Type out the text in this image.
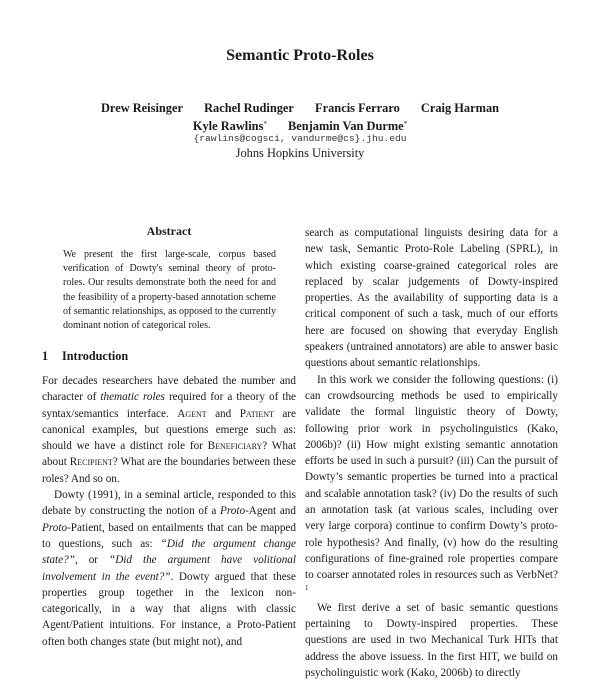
Semantic Proto-Roles
Drew Reisinger Rachel Rudinger Francis Ferraro Craig Harman
Kyle Rawlins* Benjamin Van Durme*
{rawlins@cogsci, vandurme@cs}.jhu.edu
Johns Hopkins University
Abstract
We present the first large-scale, corpus based verification of Dowty's seminal theory of proto-roles. Our results demonstrate both the need for and the feasibility of a property-based annotation scheme of semantic relationships, as opposed to the currently dominant notion of categorical roles.
1 Introduction

For decades researchers have debated the number and character of thematic roles required for a theory of the syntax/semantics interface. Agent and Patient are canonical examples, but questions emerge such as: should we have a distinct role for Beneficiary? What about Recipient? What are the boundaries between these roles? And so on.

Dowty (1991), in a seminal article, responded to this debate by constructing the notion of a Proto-Agent and Proto-Patient, based on entailments that can be mapped to questions, such as: “Did the argument change state?”, or “Did the argument have volitional involvement in the event?”. Dowty argued that these properties group together in the lexicon non-categorically, in a way that aligns with classic Agent/Patient intuitions. For instance, a Proto-Patient often both changes state (but might not), and

search as computational linguists desiring data for a new task, Semantic Proto-Role Labeling (SPRL), in which existing coarse-grained categorical roles are replaced by scalar judgements of Dowty-inspired properties. As the availability of supporting data is a critical component of such a task, much of our efforts here are focused on showing that everyday English speakers (untrained annotators) are able to answer basic questions about semantic relationships.

In this work we consider the following questions: (i) can crowdsourcing methods be used to empirically validate the formal linguistic theory of Dowty, following prior work in psycholinguistics (Kako, 2006b)? (ii) How might existing semantic annotation efforts be used in such a pursuit? (iii) Can the pursuit of Dowty’s semantic properties be turned into a practical and scalable annotation task? (iv) Do the results of such an annotation task (at various scales, including over very large corpora) continue to confirm Dowty’s proto- role hypothesis? And finally, (v) how do the resulting configurations of fine-grained role properties compare to coarser annotated roles in resources such as VerbNet?$^1$

We first derive a set of basic semantic questions pertaining to Dowty-inspired properties. These questions are used in two Mechanical Turk HITs that address the above issuess. In the first HIT, we build on psycholinguistic work (Kako, 2006b) to directly
